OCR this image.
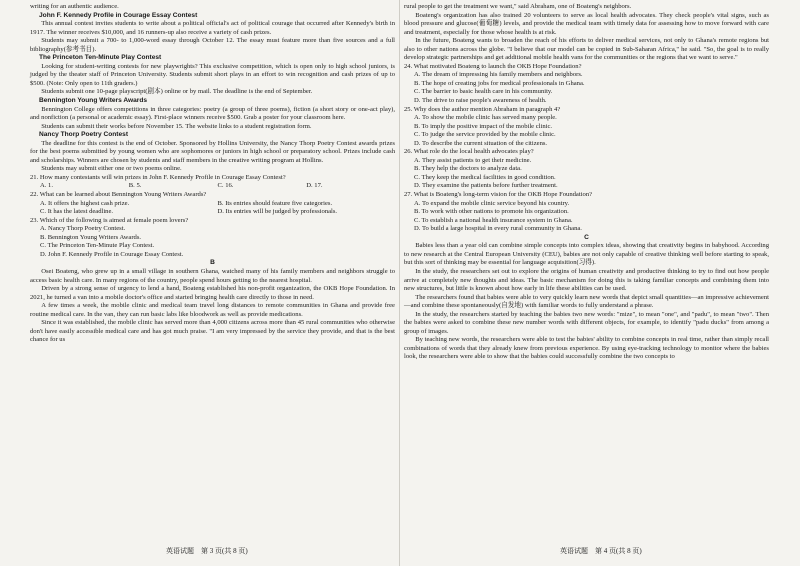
writing for an authentic audience.

John F. Kennedy Profile in Courage Essay Contest

This annual contest invites students to write about a political official's act of political courage that occurred after Kennedy's birth in 1917. The winner receives $10,000, and 16 runners-up also receive a variety of cash prizes.

Students may submit a 700- to 1,000-word essay through October 12. The essay must feature more than five sources and a full bibliography(参考书目).

The Princeton Ten-Minute Play Contest

Looking for student-writing contests for new playwrights? This exclusive competition, which is open only to high school juniors, is judged by the theater staff of Princeton University. Students submit short plays in an effort to win recognition and cash prizes of up to $500. (Note: Only open to 11th graders.)

Students submit one 10-page playscript(剧本) online or by mail. The deadline is the end of September.

Bennington Young Writers Awards

Bennington College offers competitions in three categories: poetry (a group of three poems), fiction (a short story or one-act play), and nonfiction (a personal or academic essay). First-place winners receive $500. Grab a poster for your classroom here.

Students can submit their works before November 15. The website links to a student registration form.

Nancy Thorp Poetry Contest

The deadline for this contest is the end of October. Sponsored by Hollins University, the Nancy Thorp Poetry Contest awards prizes for the best poems submitted by young women who are sophomores or juniors in high school or preparatory school. Prizes include cash and scholarships. Winners are chosen by students and staff members in the creative writing program at Hollins.

Students may submit either one or two poems online.

21. How many contestants will win prizes in John F. Kennedy Profile in Courage Essay Contest?

A. 1.	B. 5.	C. 16.	D. 17.

22. What can be learned about Bennington Young Writers Awards?

A. It offers the highest cash prize.	B. Its entries should feature five categories.
C. It has the latest deadline.	D. Its entries will be judged by professionals.

23. Which of the following is aimed at female poem lovers?

A. Nancy Thorp Poetry Contest.

B. Bennington Young Writers Awards.

C. The Princeton Ten-Minute Play Contest.

D. John F. Kennedy Profile in Courage Essay Contest.

B

Osei Boateng, who grew up in a small village in southern Ghana, watched many of his family members and neighbors struggle to access basic health care. In many regions of the country, people spend hours getting to the nearest hospital.

Driven by a strong sense of urgency to lend a hand, Boateng established his non-profit organization, the OKB Hope Foundation. In 2021, he turned a van into a mobile doctor's office and started bringing health care directly to those in need.

A few times a week, the mobile clinic and medical team travel long distances to remote communities in Ghana and provide free routine medical care. In the van, they can run basic labs like bloodwork as well as provide medications.

Since it was established, the mobile clinic has served more than 4,000 citizens across more than 45 rural communities who otherwise don't have easily accessible medical care and has got much praise. "I am very impressed by the service they provide, and that is the best chance for us

英语试题　第 3 页(共 8 页)

rural people to get the treatment we want," said Abraham, one of Boateng's neighbors.

Boateng's organization has also trained 20 volunteers to serve as local health advocates. They check people's vital signs, such as blood pressure and glucose(葡萄糖) levels, and provide the medical team with timely data for assessing how to move forward with care and treatment, especially for those whose health is at risk.

In the future, Boateng wants to broaden the reach of his efforts to deliver medical services, not only to Ghana's remote regions but also to other nations across the globe. "I believe that our model can be copied in Sub-Saharan Africa," he said. "So, the goal is to really develop strategic partnerships and get additional mobile health vans for the communities or the regions that we want to serve."

24. What motivated Boateng to launch the OKB Hope Foundation?

A. The dream of impressing his family members and neighbors.

B. The hope of creating jobs for medical professionals in Ghana.

C. The barrier to basic health care in his community.

D. The drive to raise people's awareness of health.

25. Why does the author mention Abraham in paragraph 4?

A. To show the mobile clinic has served many people.

B. To imply the positive impact of the mobile clinic.

C. To judge the service provided by the mobile clinic.

D. To describe the current situation of the citizens.

26. What role do the local health advocates play?

A. They assist patients to get their medicine.

B. They help the doctors to analyze data.

C. They keep the medical facilities in good condition.

D. They examine the patients before further treatment.

27. What is Boateng's long-term vision for the OKB Hope Foundation?

A. To expand the mobile clinic service beyond his country.

B. To work with other nations to promote his organization.

C. To establish a national health insurance system in Ghana.

D. To build a large hospital in every rural community in Ghana.

C

Babies less than a year old can combine simple concepts into complex ideas, showing that creativity begins in babyhood. According to new research at the Central European University (CEU), babies are not only capable of creative thinking well before starting to speak, but this sort of thinking may be essential for language acquisition(习得).

In the study, the researchers set out to explore the origins of human creativity and productive thinking to try to find out how people arrive at completely new thoughts and ideas. The basic mechanism for doing this is taking familiar concepts and combining them into new structures, but little is known about how early in life these abilities can be used.

The researchers found that babies were able to very quickly learn new words that depict small quantities—an impressive achievement—and combine these spontaneously(自发地) with familiar words to fully understand a phrase.

In the study, the researchers started by teaching the babies two new words: "mize", to mean "one", and "padu", to mean "two". Then the babies were asked to combine these new number words with different objects, for example, to identify "padu ducks" from among a group of images.

By teaching new words, the researchers were able to test the babies' ability to combine concepts in real time, rather than simply recall combinations of words that they already knew from previous experience. By using eye-tracking technology to monitor where the babies look, the researchers were able to show that the babies could successfully combine the two concepts to

英语试题　第 4 页(共 8 页)
